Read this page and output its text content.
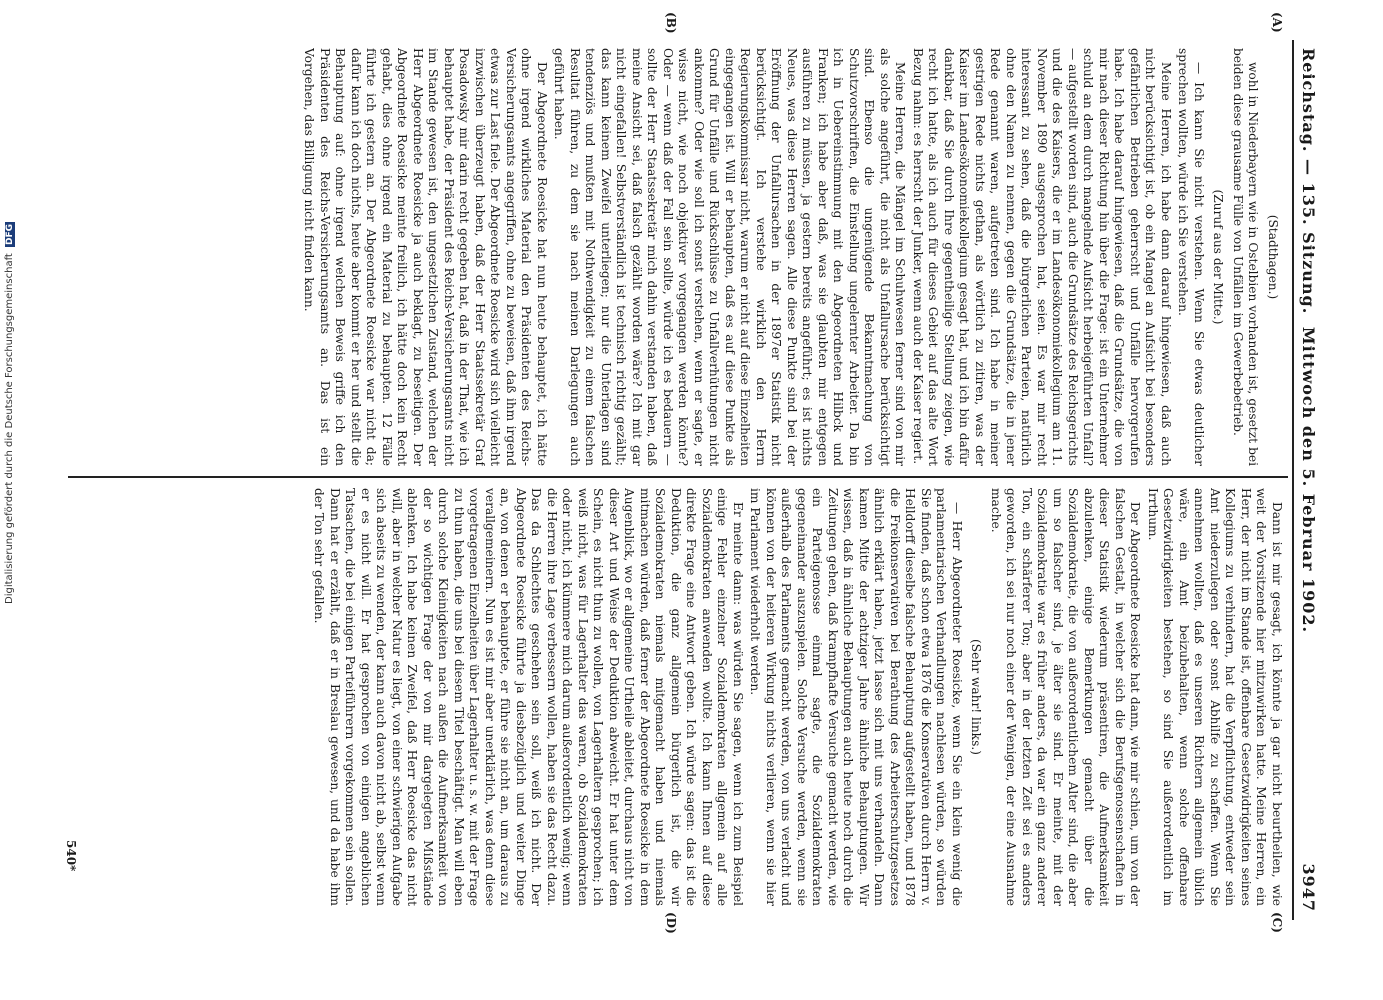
Reichstag. — 135. Sitzung.
Mittwoch den 5. Februar 1902.
3947

(Stadthagen.)

wohl in Niederbayern wie in Ostelbien vorhanden ist, gesetzt bei beiden diese grausame Fülle von Unfällen im Gewerbebetrieb.

(Zuruf aus der Mitte.)

— Ich kann Sie nicht verstehen. Wenn Sie etwas deutlicher sprechen wollten, würde ich Sie verstehen.

Meine Herren, ich habe dann darauf hingewiesen, daß auch nicht berücksichtigt ist, ob ein Mangel an Aufsicht bei besonders gefährlichen Betrieben geherrscht und Unfälle hervorgerufen habe. Ich habe darauf hingewiesen, daß die Grundsätze, die von mir nach dieser Richtung hin über die Frage: ist ein Unternehmer schuld an dem durch mangelnde Aufsicht herbeigeführten Unfall? — aufgestellt worden sind, auch die Grundsätze des Reichsgerichts und die des Kaisers, die er im Landesökonomiekollegium am 11. November 1890 ausgesprochen hat, seien. Es war mir recht interessant zu sehen, daß die bürgerlichen Parteien, natürlich ohne den Namen zu nennen, gegen die Grundsätze, die in jener Rede genannt waren, aufgetreten sind. Ich habe in meiner gestrigen Rede nichts gethan, als wörtlich zu zitiren, was der Kaiser im Landesökonomiekollegium gesagt hat, und ich bin dafür dankbar, daß Sie durch Ihre gegentheilige Stellung zeigen, wie recht ich hatte, als ich auch für dieses Gebiet auf das alte Wort Bezug nahm: es herrscht der Junker, wenn auch der Kaiser regiert.

Meine Herren, die Mängel im Schuhwesen ferner sind von mir als solche angeführt, die nicht als Unfallursache berücksichtigt sind. Ebenso die ungenügende Bekanntmachung von Schutzvorschriften, die Einstellung ungelernter Arbeiter. Da bin ich in Uebereinstimmung mit den Abgeordneten Hilbck und Franken; ich habe aber daß, was sie glaubten mir entgegen ausführen zu müssen, ja gestern bereits angeführt; es ist nichts Neues, was diese Herren sagen. Alle diese Punkte sind bei der Eröffnung der Unfallursachen in der 1897er Statistik nicht berücksichtigt. Ich verstehe wirklich den Herrn Regierungskommissar nicht, warum er nicht auf diese Einzelheiten eingegangen ist. Will er behaupten, daß es auf diese Punkte als Grund für Unfälle und Rückschlüsse zu Unfallverhütungen nicht ankomme? Oder wie soll ich sonst verstehen, wenn er sagte, er wisse nicht, wie noch objektiver vorgegangen werden könnte? Oder — wenn daß der Fall sein sollte, würde ich es bedauern — sollte der Herr Staatssekretär mich dahin verstanden haben, daß meine Ansicht sei, daß falsch gezählt worden wäre? Ich mit gar nicht eingefallen! Selbstverständlich ist technisch richtig gezählt; das kann keinem Zweifel unterliegen; nur die Unterlagen sind tendenziös und mußten mit Nothwendigkeit zu einem falschen Resultat führen, zu dem sie nach meinen Darlegungen auch geführt haben.

Der Abgeordnete Roesicke hat nun heute behauptet, ich hätte ohne irgend wirkliches Material den Präsidenten des Reichs-Versicherungsamts angegriffen, ohne zu beweisen, daß ihm irgend etwas zur Last fiele. Der Abgeordnete Roesicke wird sich vielleicht inzwischen überzeugt haben, daß der Herr Staatssekretär Graf Posadowsky mir darin recht gegeben hat, daß in der That, wie ich behauptet habe, der Präsident des Reichs-Versicherungsamts nicht im Stande gewesen ist, den ungesetzlichen Zustand, welchen der Herr Abgeordnete Roesicke ja auch beklagt, zu beseitigen. Der Abgeordnete Roesicke meinte freilich, ich hätte doch kein Recht gehabt, dies ohne irgend ein Material zu behaupten. 12 Fälle führte ich gestern an. Der Abgeordnete Roesicke war nicht da; dafür kann ich doch nichts, heute aber kommt er her und stellt die Behauptung auf: ohne irgend welchen Beweis griffe ich den Präsidenten des Reichs-Versicherungsamts an. Das ist ein Vorgehen, das Billigung nicht finden kann.

Dann ist mir gesagt, ich könnte ja gar nicht beurtheilen, wie weit der Vorsitzende hier mitzuwirken hatte. Meine Herren, ein Herr, der nicht im Stande ist, offenbare Gesetzwidrigkeiten seines Kollegiums zu verhindern, hat die Verpflichtung, entweder sein Amt niederzulegen oder sonst Abhilfe zu schaffen. Wenn Sie annehmen wollten, daß es unseren Richtern allgemein üblich wäre, ein Amt beizubehalten, wenn solche offenbare Gesetzwidrigkeiten bestehen, so sind Sie außerordentlich im Irrthum.

Der Abgeordnete Roesicke hat dann, wie mir schien, um von der falschen Gestalt, in welcher sich die Berufsgenossenschaften in dieser Statistik wiederum präsentiren, die Aufmerksamkeit abzulenken, einige Bemerkungen gemacht über die Sozialdemokratie, die von außerordentlichem Alter sind, die aber um so falscher sind, je älter sie sind. Er meinte, mit der Sozialdemokratie war es früher anders, da war ein ganz anderer Ton, ein schärferer Ton; aber in der letzten Zeit sei es anders geworden, ich sei nur noch einer der Wenigen, der eine Ausnahme mache.

(Sehr wahr! links.)

— Herr Abgeordneter Roesicke, wenn Sie ein klein wenig die parlamentarischen Verhandlungen nachlesen würden, so würden Sie finden, daß schon etwa 1876 die Konservativen durch Herrn v. Helldorff dieselbe falsche Behauptung aufgestellt haben, und 1878 die Freikonservativen bei Berathung des Arbeiterschutzgesetzes ähnlich erklärt haben, jetzt lasse sich mit uns verhandeln. Dann kamen Mitte der achtziger Jahre ähnliche Behauptungen. Wir wissen, daß in ähnliche Behauptungen auch heute noch durch die Zeitungen gehen, daß krampfhafte Versuche gemacht werden, wie ein Parteigenosse einmal sagte, die Sozialdemokraten gegeneinander auszuspielen. Solche Versuche werden, wenn sie außerhalb des Parlaments gemacht werden, von uns verlacht und können von der heiteren Wirkung nichts verlieren, wenn sie hier im Parlament wiederholt werden.

Er meinte dann: was würden Sie sagen, wenn ich zum Beispiel einige Fehler einzelner Sozialdemokraten allgemein auf alle Sozialdemokraten anwenden wollte. Ich kann Ihnen auf diese direkte Frage eine Antwort geben. Ich würde sagen: das ist die Deduktion, die ganz allgemein bürgerlich ist, die wir Sozialdemokraten niemals mitgemacht haben und niemals mitmachen würden, daß ferner der Abgeordnete Roesicke in dem Augenblick, wo er allgemeine Urtheile ableitet, durchaus nicht von dieser Art und Weise der Deduktion abweicht. Er hat unter dem Schein, es nicht thun zu wollen, von Lagerhaltern gesprochen; ich weiß nicht, was für Lagerhalter das waren, ob Sozialdemokraten oder nicht, ich kümmere mich darum außerordentlich wenig; wenn die Herren ihre Lage verbessern wollen, haben sie das Recht dazu. Das da Schlechtes geschehen sein soll, weiß ich nicht. Der Abgeordnete Roesicke führte ja diesbezüglich und weiter Dinge an, von denen er behauptete, er führe sie nicht an, um daraus zu verallgemeinern. Nun es ist mir aber unerklärlich, was denn diese vorgetragenen Einzelheiten über Lagerhalter u. s. w. mit der Frage zu thun haben, die uns bei diesem Titel beschäftigt. Man will eben durch solche Kleinigkeiten nach außen die Aufmerksamkeit von der so wichtigen Frage der von mir dargelegten Mißstände ablenken. Ich habe keinen Zweifel, daß Herr Roesicke das nicht will, aber in welcher Natur es liegt, von einer schwierigen Aufgabe sich abseits zu wenden, der kann auch davon nicht ab, selbst wenn er es nicht will. Er hat gesprochen von einigen angeblichen Tatsachen, die bei einigen Parteiführern vorgekommen sein sollen. Dann hat er erzählt, daß er in Breslau gewesen, und da habe ihm der Ton sehr gefallen.

(A)
(B)
(C)
(D)
540*
Digitalisierung gefördert durch die Deutsche Forschungsgemeinschaft DFG
